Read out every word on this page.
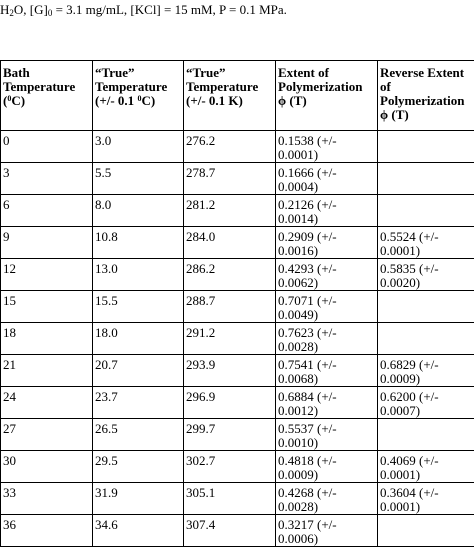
$H_2O$, $[G]_0 = 3.1$ mg/mL, [KCl] = 15 mM, P = 0.1 MPa.
Bath
Temperature
($^0$C)	“True”
Temperature
(+/- 0.1 $^0$C)	“True”
Temperature
(+/- 0.1 K)	Extent of
Polymerization
ϕ (T)	Reverse Extent
of
Polymerization
ϕ (T)

0	3.0	276.2	0.1538 (+/-
0.0001)	

3	5.5	278.7	0.1666 (+/-
0.0004)	

6	8.0	281.2	0.2126 (+/-
0.0014)	

9	10.8	284.0	0.2909 (+/-
0.0016)	0.5524 (+/-
0.0001)

12	13.0	286.2	0.4293 (+/-
0.0062)	0.5835 (+/-
0.0020)

15	15.5	288.7	0.7071 (+/-
0.0049)	

18	18.0	291.2	0.7623 (+/-
0.0028)	

21	20.7	293.9	0.7541 (+/-
0.0068)	0.6829 (+/-
0.0009)

24	23.7	296.9	0.6884 (+/-
0.0012)	0.6200 (+/-
0.0007)

27	26.5	299.7	0.5537 (+/-
0.0010)	

30	29.5	302.7	0.4818 (+/-
0.0009)	0.4069 (+/-
0.0001)

33	31.9	305.1	0.4268 (+/-
0.0028)	0.3604 (+/-
0.0001)

36	34.6	307.4	0.3217 (+/-
0.0006)	
